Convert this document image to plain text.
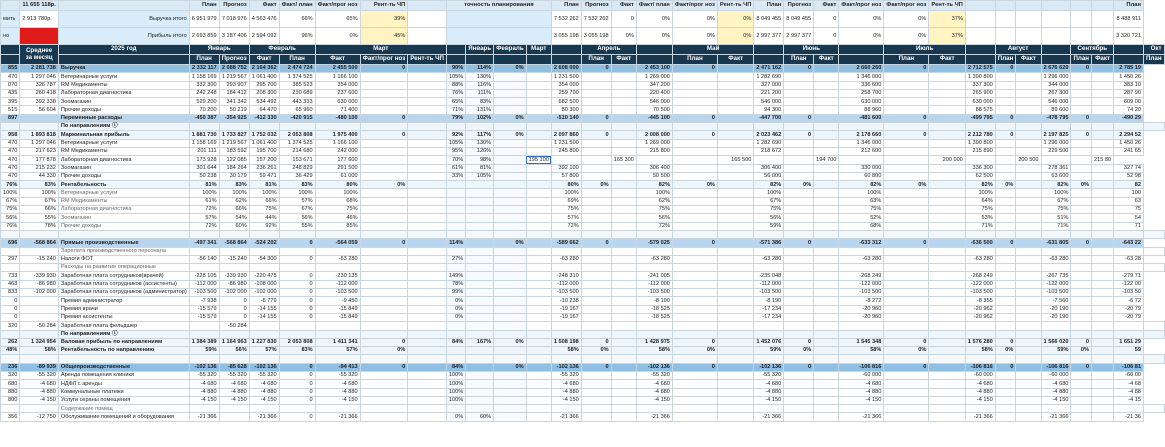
	11 655 118р.		План	Прогноз	Факт	Факт/ план	Факт/прог ноз	Рент-ть ЧП		точность планирования				План	Прогноз	Факт	Факт/ план	Факт/прог ноз	Рент-ть ЧП	План	Прогноз	Факт	Факт/прог ноз	Факт/прог ноз	Рент-ть ЧП							План	
мить	2 913 780р.	Выручка итого	6 951 979	7 018 976	4 563 476	66%	65%	39%						7 532 262	7 532 262	0	0%	0%	0%	8 049 455	8 049 455	0	0%	0%	37%							8 488 911	
но		Прибыль итого	2 693 859	3 187 406	2 594 092	96%	0%	45%						3 055 198	3 055 198	0%	0%	0%	0%	2 997 377	2 997 377	0	0%	0%	37%							3 320 721	
	Среднее за месяц	2025 год	Январь		Февраль		Март				Январь	Февраль	Март		Апрель			Май			Июнь			Июль			Август			Сентябрь			Окт
			План	Прогноз	Факт	План	Факт	Факт/прог ноз	Рент-ть ЧП						План	Факт		План	Факт		План	Факт		План	Факт		План	Факт		План	Факт		План
855	2 281 738	Выручка	2 332 117	2 088 752	2 164 362	2 474 724	2 455 500	0		90%	114%	0%		2 608 000	0		2 453 100	0		2 471 162	0		2 660 260	0		2 712 575	0		2 676 620	0		2 785 19	
470	1 297 046	Ветеринарные услуги	1 158 169	1 219 567	1 061 400	1 374 525	1 166 100			105%	130%			1 231 500			1 269 000			1 282 690			1 346 000			1 390 800			1 296 000			1 450 26	
070	326 787	RM Медикаменты	332 300	293 907	295 700	385 523	354 000			88%	116%			354 000			347 200			327 000			336 600			337 300			344 000			383 10	
435	260 418	Лабораторная диагностика	242 248	184 412	208 300	230 689	237 600			76%	111%			259 700			220 400			221 200			258 700			265 900			267 300			287 90	
395	392 338	Зоомагазин	529 200	341 342	534 492	443 333	630 000			65%	83%			682 500			546 000			546 000			630 000			630 000			546 000			609 00	
515	56 604	Прочие доходы	70 200	50 219	64 470	65 960	71 400			71%	131%			80 300			70 500			94 300			88 960			88 575			89 600			74 20	
897		Переменные расходы	-450 387	-354 925	-412 330	-420 915	-480 100	0		79%	102%	0%		-510 140	0		-445 100	0		-447 700	0		-481 600	0		-499 795	0		-478 795	0		-490 29	
		По направлениям ⓘ																															
958	1 893 818	Маржинальная прибыль	1 881 730	1 733 827	1 752 032	2 053 808	1 975 400	0		92%	117%	0%		2 097 860	0		2 008 000	0		2 023 462	0		2 178 660	0		2 212 780	0		2 197 825	0		2 294 52	
470	1 297 046	Ветеринарные услуги	1 158 169	1 219 567	1 061 400	1 374 525	1 166 100			105%	130%			1 231 500			1 269 000			1 282 690			1 346 000			1 390 800			1 296 000			1 450 26	
470	217 623	RM Медикаменты	201 111	183 592	195 700	214 680	242 000			95%	126%			245 800			215 800			218 672			212 600			215 890			229 500			241 65	
470	177 878	Лабораторная диагностика	173 928	122 085	157 200	153 671	177 600			70%	98%		195 100			165 300			165 500			194 700			200 000			200 500			215 80		
470	215 232	Зоомагазин	301 644	184 264	236 261	248 829	291 500			61%	81%			392 100			306 400			306 400			330 000			336 300			278 361			327 74	
470	44 330	Прочие доходы	50 238	30 179	59 471	36 429	61 000			33%	105%			57 800			50 500			56 000			60 800			62 500			63 600			52 98	
76%	83%	Рентабельность	81%	83%	81%	83%	80%	0%						80%	0%		82%	0%		82%	0%		82%	0%		82%	0%		82%	0%		82	
100%	100%	Ветеринарные услуги	100%	100%	100%	100%	100%							100%			100%			100%			100%			100%			100%			100	
67%	67%	RM Медикаменты	61%	62%	66%	57%	68%							69%			62%			67%			63%			64%			67%			63	
75%	66%	Лабораторная диагностика	72%	66%	75%	67%	75%							75%			75%			75%			75%			75%			75%			75	
56%	55%	Зоомагазин	57%	54%	44%	56%	46%							57%			56%			56%			52%			53%			51%			54	
76%	78%	Прочие доходы	72%	60%	92%	55%	85%							72%			72%			59%			68%			71%			71%			71	

696	-568 864	Прямые производственные	-497 341	-568 864	-524 202	0	-564 059	0		114%		0%		-589 662	0		-579 025	0		-571 386	0		-633 312	0		-636 500	0		-631 805	0		-643 22	
		Зарплата производственного персонала																															
297	-15 240	Налоги ФОТ	-56 140	-15 240	-54 300	0	-63 280			27%				-63 280			-63 280			-63 280			-63 280			-63 280			-63 280			-63 28	
		Расходы на развитие операционные																															
733	-339 930	Заработная плата сотрудников(врачей)	-228 105	-339 930	-220 475	0	-230 135			149%				-248 310			-241 005			-235 048			-268 249			-268 249			-267 735			-279 71	
463	-86 980	Заработная плата сотрудников (ассистенты)	-112 000	-86 980	-108 000	0	-112 000			78%				-112 000			-112 000			-112 000			-122 000			-122 000			-122 000			-122 00	
833	-102 000	Заработная плата сотрудников (администратор)	-103 500	-102 000	-102 000	0	-103 500			99%				-103 500			-103 500			-103 500			-103 500			-103 500			-103 500			-103 50	
0		Премия администратор	-7 938	0	-6 779	0	-9 450			0%				-10 238			-8 190			-8 190			-8 272			-8 355			-7 560			-6 72	
0		Премия врачи	-15 579	0	-14 155	0	-15 849			0%				-19 167			-18 525			-17 234			-20 960			-20 962			-20 190			-20 79	
0		Премия ассистенты	-15 579	0	-14 155	0	-15 849			0%				-19 167			-18 525			-17 234			-20 960			-20 962			-20 190			-20 79	
320	-50 284	Заработная плата фельдшер		-50 284																													
		По направлениям ⓘ																															
262	1 324 954	Валовая прибыль по направлениям	1 384 389	1 164 963	1 227 830	2 053 808	1 411 341	0		84%	167%	0%		1 508 198	0		1 428 975	0		1 452 076	0		1 545 348	0		1 576 280	0		1 566 020	0		1 651 29	
48%	58%	Рентабельность по направлению	59%	56%	57%	83%	57%	0%						58%	0%		58%	0%		59%	0%		58%	0%		58%	0%		59%	0%		59	

236	-89 939	Общепроизводственные	-102 136	-85 628	-102 136	0	-94 413	0		84%		0%		-102 136	0		-102 136	0		-102 136	0		-106 816	0		-106 816	0		-106 816	0		-106 81	
320	-55 320	Аренда помещения клиники	-55 320	-55 320	-55 320	0	-55 320			100%				-55 320			-55 320			-55 320			-60 000			-60 000			-60 000			-60 00	
680	-4 680	НДФЛ с аренды	-4 680	-4 680	-4 680	0	-4 680			100%				-4 680			-4 680			-4 680			-4 680			-4 680			-4 680			-4 68	
880	-4 880	Коммунальные платежи	-4 880	-4 880	-4 880	0	-4 880			100%				-4 880			-4 880			-4 880			-4 880			-4 880			-4 880			-4 88	
800	-4 150	Услуги охраны помещения	-4 150	-4 150	-4 150	0	-4 150			100%				-4 150			-4 150			-4 150			-4 150			-4 150			-4 150			-4 15	
		Содержание помещ																															
356	-12 750	Обслуживание помещений и оборудования	-21 366		-21 366	0	-21 366			0%	60%			-21 366			-21 366			-21 366			-21 366			-21 366			-21 366			-21 36	
